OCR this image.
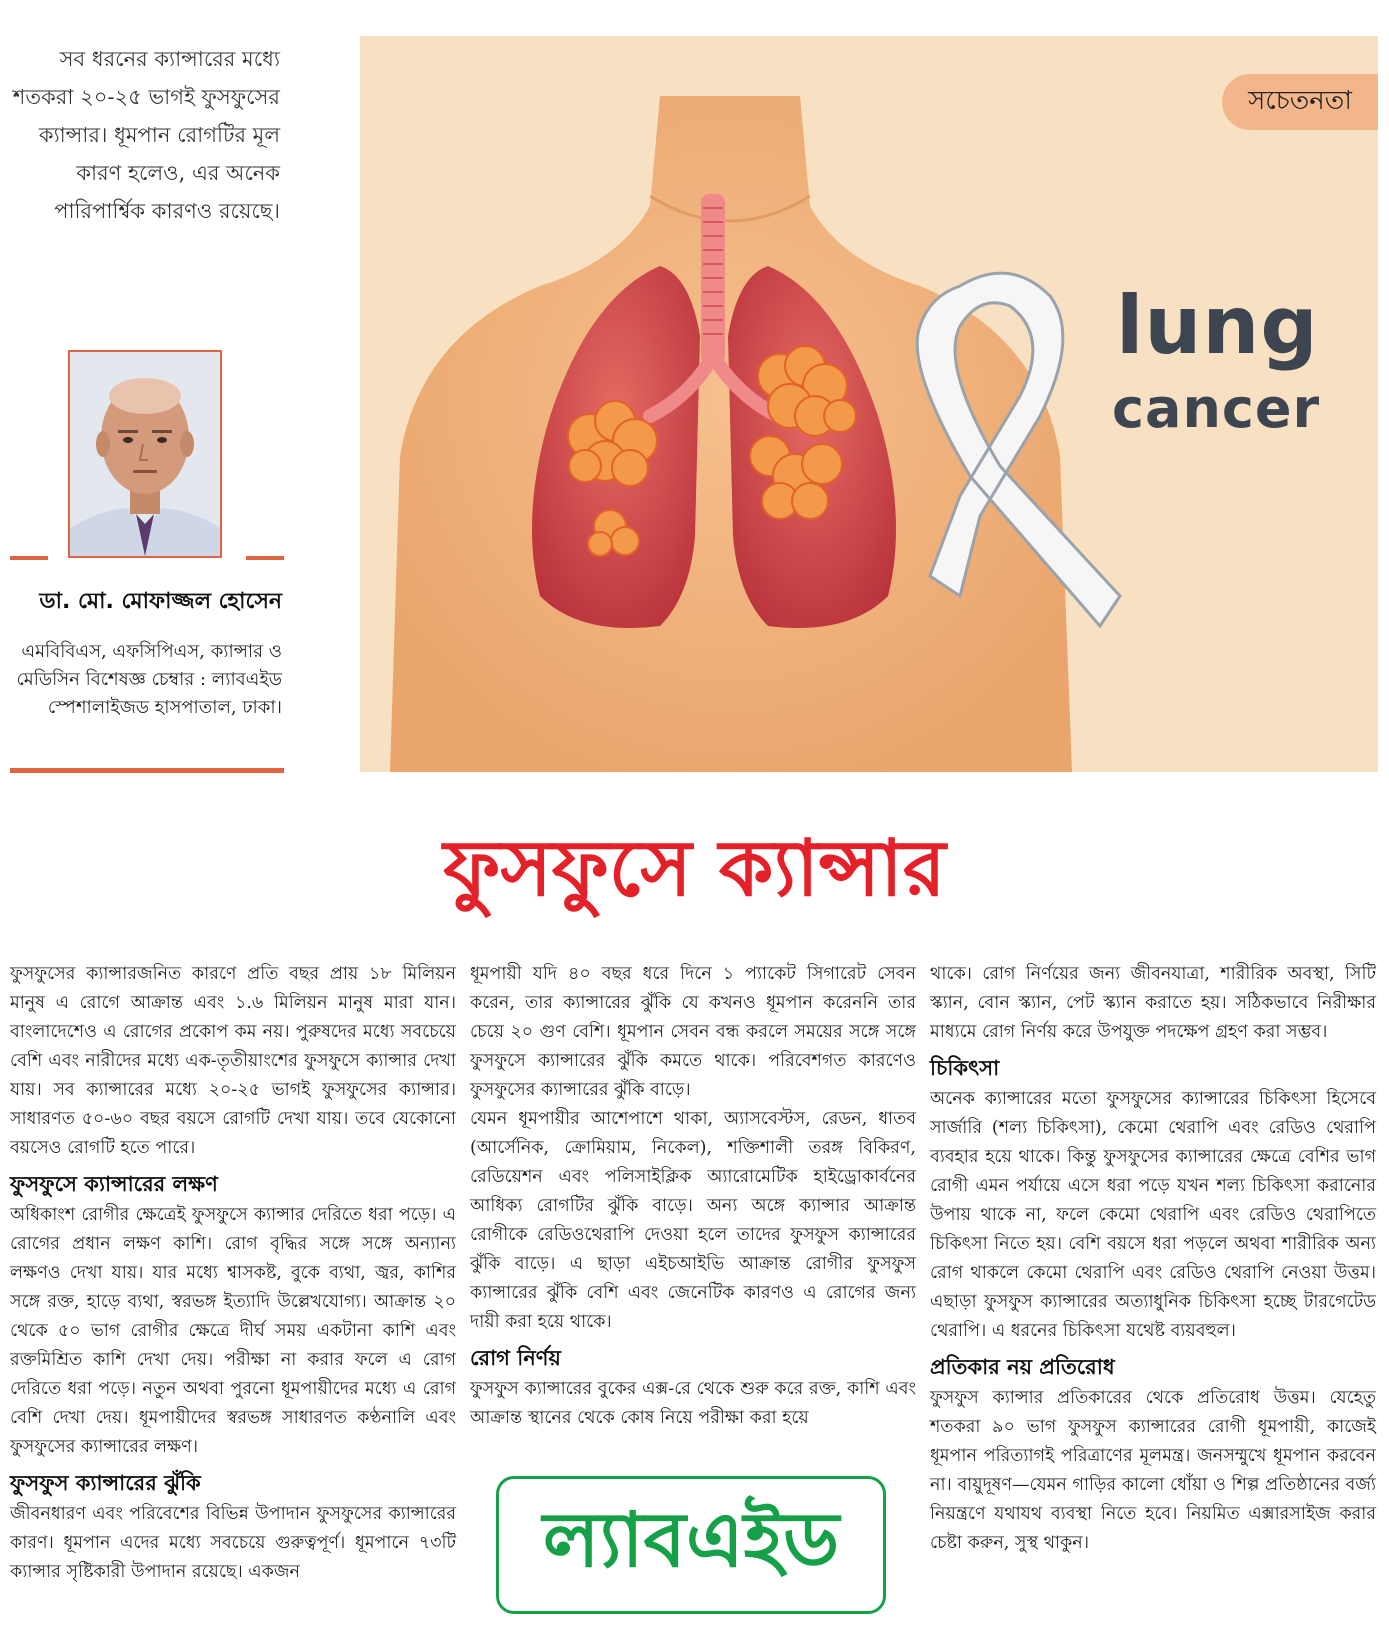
সব ধরনের ক্যান্সারের মধ্যে শতকরা ২০-২৫ ভাগই ফুসফুসের ক্যান্সার। ধূমপান রোগটির মূল কারণ হলেও, এর অনেক পারিপার্শ্বিক কারণও রয়েছে।
ডা. মো. মোফাজ্জল হোসেন
এমবিবিএস, এফসিপিএস, ক্যান্সার ও মেডিসিন বিশেষজ্ঞ চেম্বার : ল্যাবএইড স্পেশালাইজড হাসপাতাল, ঢাকা।
সচেতনতা
lung
cancer
ফুসফুসে ক্যান্সার

ফুসফুসের ক্যান্সারজনিত কারণে প্রতি বছর প্রায় ১৮ মিলিয়ন মানুষ এ রোগে আক্রান্ত এবং ১.৬ মিলিয়ন মানুষ মারা যান। বাংলাদেশেও এ রোগের প্রকোপ কম নয়। পুরুষদের মধ্যে সবচেয়ে বেশি এবং নারীদের মধ্যে এক-তৃতীয়াংশের ফুসফুসে ক্যান্সার দেখা যায়। সব ক্যান্সারের মধ্যে ২০-২৫ ভাগই ফুসফুসের ক্যান্সার। সাধারণত ৫০-৬০ বছর বয়সে রোগটি দেখা যায়। তবে যেকোনো বয়সেও রোগটি হতে পারে।

ফুসফুসে ক্যান্সারের লক্ষণ

অধিকাংশ রোগীর ক্ষেত্রেই ফুসফুসে ক্যান্সার দেরিতে ধরা পড়ে। এ রোগের প্রধান লক্ষণ কাশি। রোগ বৃদ্ধির সঙ্গে সঙ্গে অন্যান্য লক্ষণও দেখা যায়। যার মধ্যে শ্বাসকষ্ট, বুকে ব্যথা, জ্বর, কাশির সঙ্গে রক্ত, হাড়ে ব্যথা, স্বরভঙ্গ ইত্যাদি উল্লেখযোগ্য। আক্রান্ত ২০ থেকে ৫০ ভাগ রোগীর ক্ষেত্রে দীর্ঘ সময় একটানা কাশি এবং রক্তমিশ্রিত কাশি দেখা দেয়। পরীক্ষা না করার ফলে এ রোগ দেরিতে ধরা পড়ে। নতুন অথবা পুরনো ধূমপায়ীদের মধ্যে এ রোগ বেশি দেখা দেয়। ধূমপায়ীদের স্বরভঙ্গ সাধারণত কণ্ঠনালি এবং ফুসফুসের ক্যান্সারের লক্ষণ।

ফুসফুস ক্যান্সারের ঝুঁকি

জীবনধারণ এবং পরিবেশের বিভিন্ন উপাদান ফুসফুসের ক্যান্সারের কারণ। ধূমপান এদের মধ্যে সবচেয়ে গুরুত্বপূর্ণ। ধূমপানে ৭৩টি ক্যান্সার সৃষ্টিকারী উপাদান রয়েছে। একজন

ধূমপায়ী যদি ৪০ বছর ধরে দিনে ১ প্যাকেট সিগারেট সেবন করেন, তার ক্যান্সারের ঝুঁকি যে কখনও ধূমপান করেননি তার চেয়ে ২০ গুণ বেশি। ধূমপান সেবন বন্ধ করলে সময়ের সঙ্গে সঙ্গে ফুসফুসে ক্যান্সারের ঝুঁকি কমতে থাকে। পরিবেশগত কারণেও ফুসফুসের ক্যান্সারের ঝুঁকি বাড়ে।

যেমন ধূমপায়ীর আশেপাশে থাকা, অ্যাসবেস্টস, রেডন, ধাতব (আর্সেনিক, ক্রোমিয়াম, নিকেল), শক্তিশালী তরঙ্গ বিকিরণ, রেডিয়েশন এবং পলিসাইক্লিক অ্যারোমেটিক হাইড্রোকার্বনের আধিক্য রোগটির ঝুঁকি বাড়ে। অন্য অঙ্গে ক্যান্সার আক্রান্ত রোগীকে রেডিওথেরাপি দেওয়া হলে তাদের ফুসফুস ক্যান্সারের ঝুঁকি বাড়ে। এ ছাড়া এইচআইভি আক্রান্ত রোগীর ফুসফুস ক্যান্সারের ঝুঁকি বেশি এবং জেনেটিক কারণও এ রোগের জন্য দায়ী করা হয়ে থাকে।

রোগ নির্ণয়

ফুসফুস ক্যান্সারের বুকের এক্স-রে থেকে শুরু করে রক্ত, কাশি এবং আক্রান্ত স্থানের থেকে কোষ নিয়ে পরীক্ষা করা হয়ে

থাকে। রোগ নির্ণয়ের জন্য জীবনযাত্রা, শারীরিক অবস্থা, সিটি স্ক্যান, বোন স্ক্যান, পেট স্ক্যান করাতে হয়। সঠিকভাবে নিরীক্ষার মাধ্যমে রোগ নির্ণয় করে উপযুক্ত পদক্ষেপ গ্রহণ করা সম্ভব।

চিকিৎসা

অনেক ক্যান্সারের মতো ফুসফুসের ক্যান্সারের চিকিৎসা হিসেবে সার্জারি (শল্য চিকিৎসা), কেমো থেরাপি এবং রেডিও থেরাপি ব্যবহার হয়ে থাকে। কিন্তু ফুসফুসের ক্যান্সারের ক্ষেত্রে বেশির ভাগ রোগী এমন পর্যায়ে এসে ধরা পড়ে যখন শল্য চিকিৎসা করানোর উপায় থাকে না, ফলে কেমো থেরাপি এবং রেডিও থেরাপিতে চিকিৎসা নিতে হয়। বেশি বয়সে ধরা পড়লে অথবা শারীরিক অন্য রোগ থাকলে কেমো থেরাপি এবং রেডিও থেরাপি নেওয়া উত্তম। এছাড়া ফুসফুস ক্যান্সারের অত্যাধুনিক চিকিৎসা হচ্ছে টারগেটেড থেরাপি। এ ধরনের চিকিৎসা যথেষ্ট ব্যয়বহুল।

প্রতিকার নয় প্রতিরোধ

ফুসফুস ক্যান্সার প্রতিকারের থেকে প্রতিরোধ উত্তম। যেহেতু শতকরা ৯০ ভাগ ফুসফুস ক্যান্সারের রোগী ধূমপায়ী, কাজেই ধূমপান পরিত্যাগই পরিত্রাণের মূলমন্ত্র। জনসম্মুখে ধূমপান করবেন না। বায়ুদূষণ—যেমন গাড়ির কালো ধোঁয়া ও শিল্প প্রতিষ্ঠানের বর্জ্য নিয়ন্ত্রণে যথাযথ ব্যবস্থা নিতে হবে। নিয়মিত এক্সারসাইজ করার চেষ্টা করুন, সুস্থ থাকুন।

ল্যাবএইড
